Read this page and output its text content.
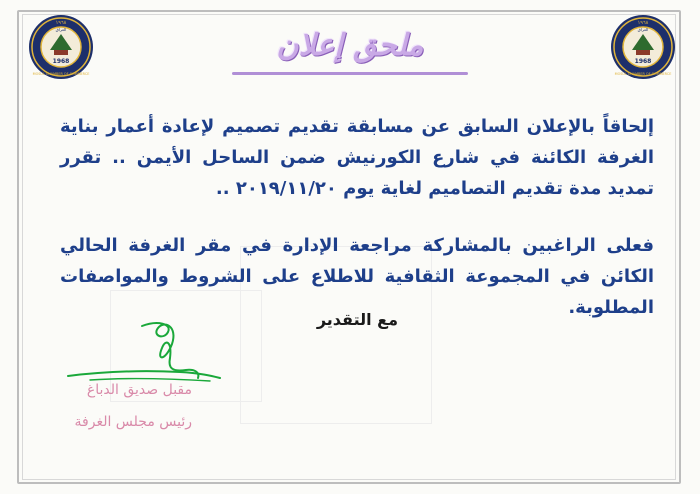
1968
١٩٦٨
العراق
MOSUL CHAMBER OF COMMERCE
1968
١٩٦٨
العراق
MOSUL CHAMBER OF COMMERCE
ملحق إعلان
إلحاقاً بالإعلان السابق عن مسابقة تقديم تصميم لإعادة أعمار بناية الغرفة الكائنة في شارع الكورنيش ضمن الساحل الأيمن .. تقرر تمديد مدة تقديم التصاميم لغاية يوم ٢٠١٩/١١/٢٠ ..
فعلى الراغبين بالمشاركة مراجعة الإدارة في مقر الغرفة الحالي الكائن في المجموعة الثقافية للاطلاع على الشروط والمواصفات المطلوبة.
مع التقدير
مقبل صديق الدباغ
رئيس مجلس الغرفة
